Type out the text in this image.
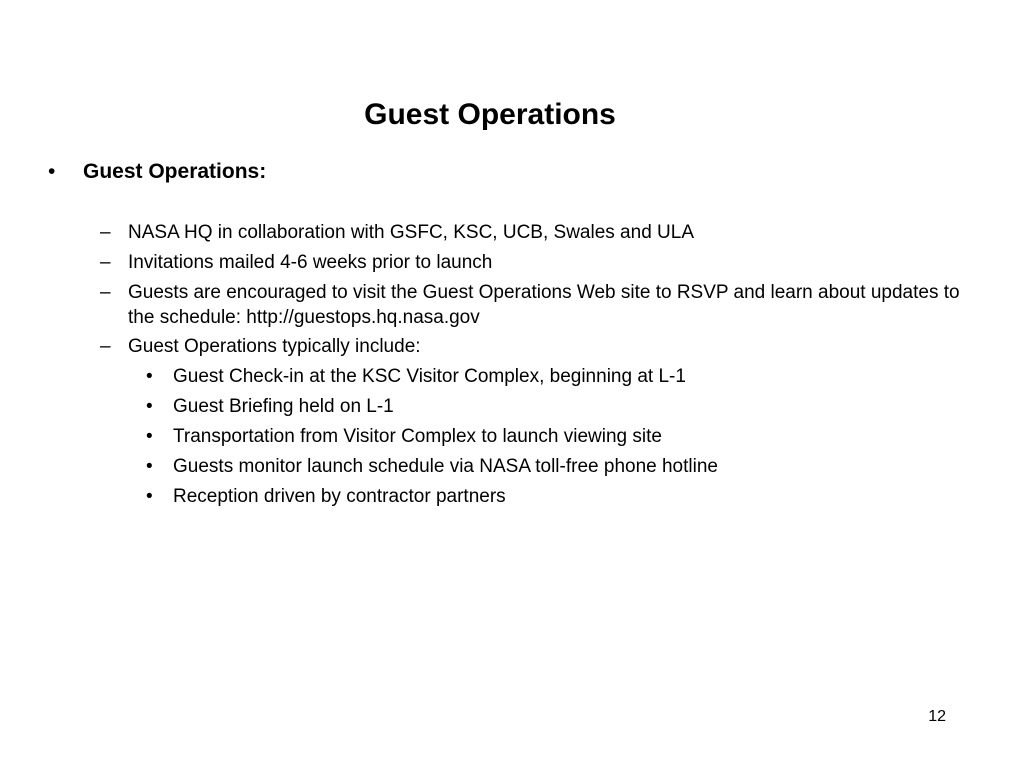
Guest Operations
•	Guest Operations:
– NASA HQ in collaboration with GSFC, KSC, UCB, Swales and ULA
– Invitations mailed 4-6 weeks prior to launch
– Guests are encouraged to visit the Guest Operations Web site to RSVP and learn about updates to the schedule: http://guestops.hq.nasa.gov
– Guest Operations typically include:
•	Guest Check-in at the KSC Visitor Complex, beginning at L-1
•	Guest Briefing held on L-1
•	Transportation from Visitor Complex to launch viewing site
•	Guests monitor launch schedule via NASA toll-free phone hotline
•	Reception driven by contractor partners
12
